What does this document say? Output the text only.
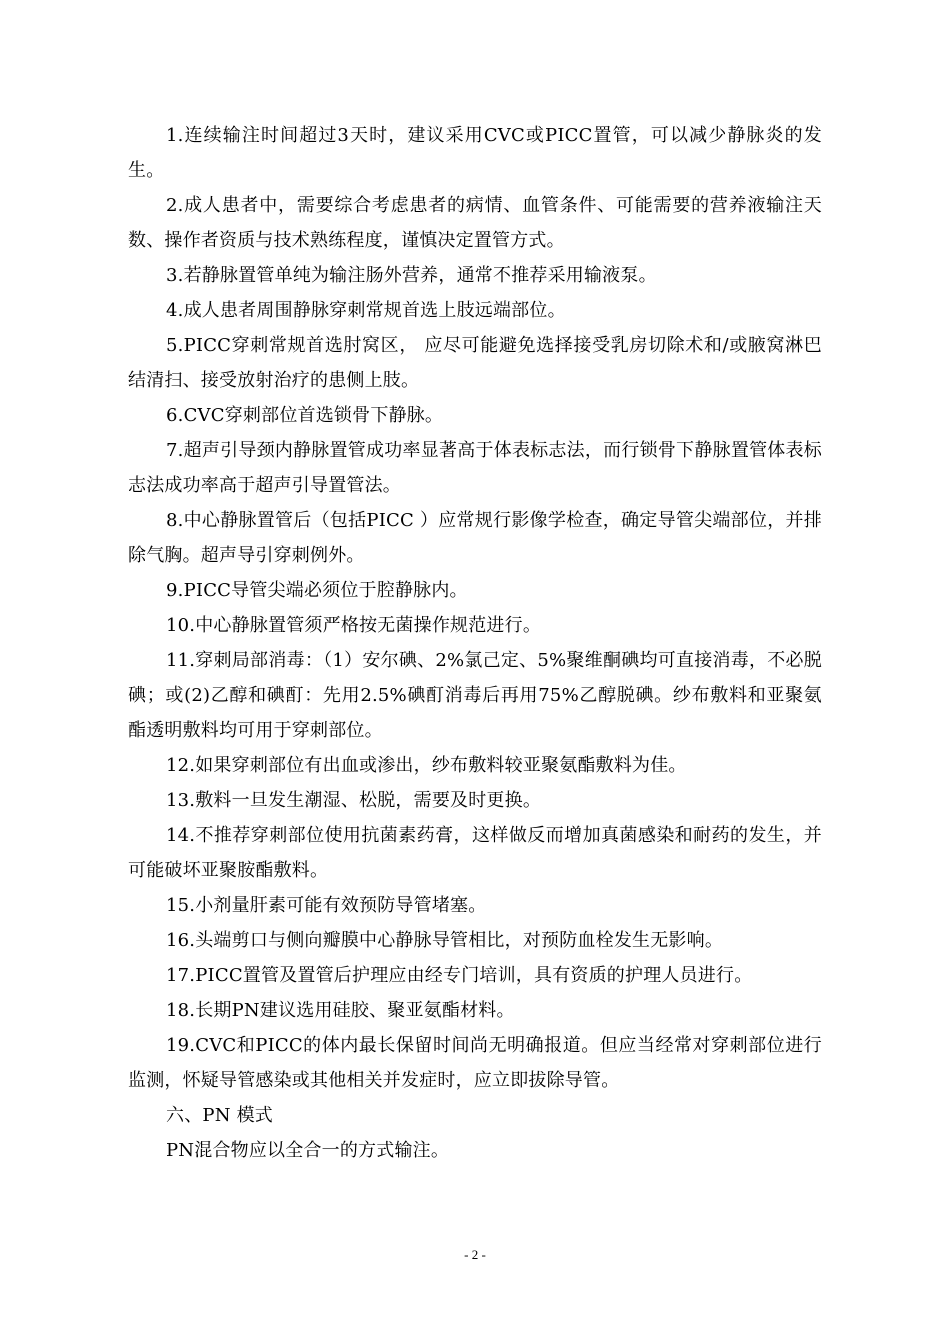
1.连续输注时间超过3天时，建议采用CVC或PICC置管，可以减少静脉炎的发生。

2.成人患者中，需要综合考虑患者的病情、血管条件、可能需要的营养液输注天数、操作者资质与技术熟练程度，谨慎决定置管方式。

3.若静脉置管单纯为输注肠外营养，通常不推荐采用输液泵。

4.成人患者周围静脉穿刺常规首选上肢远端部位。

5.PICC穿刺常规首选肘窝区， 应尽可能避免选择接受乳房切除术和/或腋窝淋巴结清扫、接受放射治疗的患侧上肢。

6.CVC穿刺部位首选锁骨下静脉。

7.超声引导颈内静脉置管成功率显著高于体表标志法，而行锁骨下静脉置管体表标志法成功率高于超声引导置管法。

8.中心静脉置管后（包括PICC ）应常规行影像学检查，确定导管尖端部位，并排除气胸。超声导引穿刺例外。

9.PICC导管尖端必须位于腔静脉内。

10.中心静脉置管须严格按无菌操作规范进行。

11.穿刺局部消毒：（1）安尔碘、2%氯己定、5%聚维酮碘均可直接消毒，不必脱碘；或(2)乙醇和碘酊：先用2.5%碘酊消毒后再用75%乙醇脱碘。纱布敷料和亚聚氨酯透明敷料均可用于穿刺部位。

12.如果穿刺部位有出血或渗出，纱布敷料较亚聚氨酯敷料为佳。

13.敷料一旦发生潮湿、松脱，需要及时更换。

14.不推荐穿刺部位使用抗菌素药膏，这样做反而增加真菌感染和耐药的发生，并可能破坏亚聚胺酯敷料。

15.小剂量肝素可能有效预防导管堵塞。

16.头端剪口与侧向瓣膜中心静脉导管相比，对预防血栓发生无影响。

17.PICC置管及置管后护理应由经专门培训，具有资质的护理人员进行。

18.长期PN建议选用硅胶、聚亚氨酯材料。

19.CVC和PICC的体内最长保留时间尚无明确报道。但应当经常对穿刺部位进行监测，怀疑导管感染或其他相关并发症时，应立即拔除导管。

六、PN 模式

PN混合物应以全合一的方式输注。

- 2 -
